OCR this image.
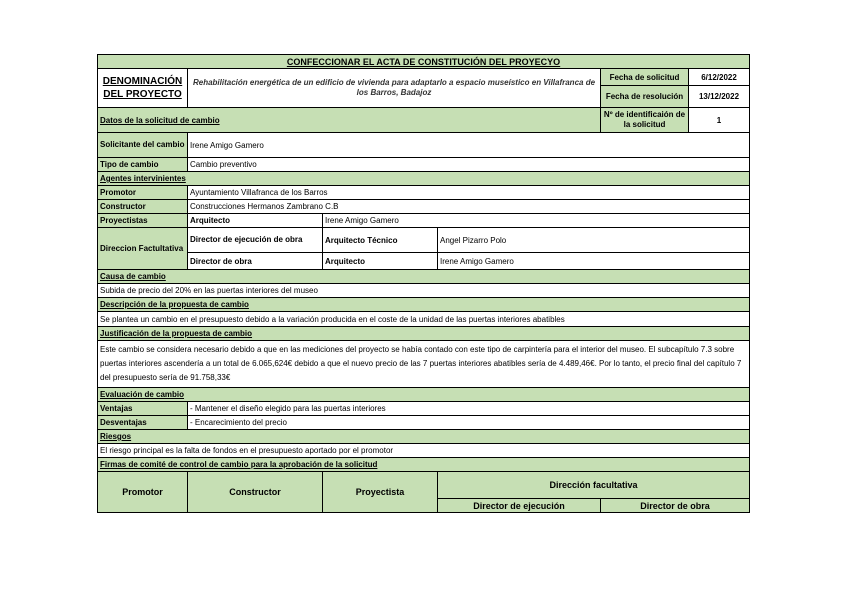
CONFECCIONAR EL ACTA DE CONSTITUCIÓN DEL PROYECYO					
DENOMINACIÓN DEL PROYECTO	Rehabilitación energética de un edificio de vivienda para adaptarlo a espacio museístico en Villafranca de los Barros, Badajoz			Fecha de solicitud	6/12/2022
				Fecha de resolución	13/12/2022
Datos de la solicitud de cambio				Nº de identificaión de la solicitud	1
Solicitante del cambio	Irene Amigo Gamero				
Tipo de cambio	Cambio preventivo				
Agentes intervinientes					
Promotor	Ayuntamiento Villafranca de los Barros				
Constructor	Construcciones Hermanos Zambrano C.B				
Proyectistas	Arquitecto	Irene Amigo Gamero			
Direccion Factultativa	Director de ejecución de obra	Arquitecto Técnico	Angel Pizarro Polo		
	Director de obra	Arquitecto	Irene Amigo Gamero		
Causa de cambio					
Subida de precio del 20% en las puertas interiores del museo					
Descripción de la propuesta de cambio					
Se plantea un cambio en el presupuesto debido a la variación producida en el coste de la unidad de las puertas interiores abatibles					
Justificación de la propuesta de cambio					
Este cambio se considera necesario debido a que en las mediciones del proyecto se había contado con este tipo de carpintería para el interior del museo. El subcapítulo 7.3 sobre puertas interiores ascendería a un total de 6.065,624€ debido a que el nuevo precio de las 7 puertas interiores abatibles sería de 4.489,46€. Por lo tanto, el precio final del capítulo 7 del presupuesto sería de 91.758,33€					
Evaluación de cambio					
Ventajas	- Mantener el diseño elegido para las puertas interiores				
Desventajas	- Encarecimiento del precio				
Riesgos					
El riesgo principal es la falta de fondos en el presupuesto aportado por el promotor					
Firmas de comité de control de cambio para la aprobación de la solicitud					
Promotor	Constructor	Proyectista	Dirección facultativa		
			Director de ejecución	Director de obra	
